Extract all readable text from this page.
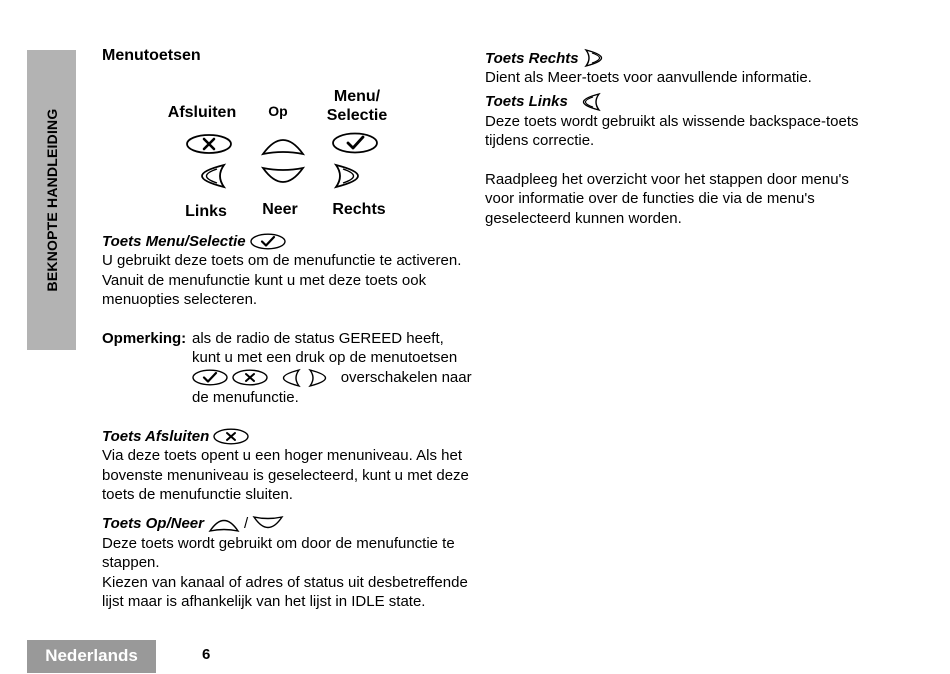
BEKNOPTE HANDLEIDING
Menutoetsen
Afsluiten	Op
Menu/
Selectie
Links	Neer	Rechts
Toets Menu/Selectie

U gebruikt deze toets om de menufunctie te activeren. Vanuit de menufunctie kunt u met deze toets ook menuopties selecteren.

Opmerking: als de radio de status GEREED heeft, kunt u met een druk op de menutoetsen

overschakelen naar de menufunctie.
Toets Afsluiten

Via deze toets opent u een hoger menuniveau. Als het bovenste menuniveau is geselecteerd, kunt u met deze toets de menufunctie sluiten.

Toets Op/Neer	/

Deze toets wordt gebruikt om door de menufunctie te stappen.

Kiezen van kanaal of adres of status uit desbetreffende lijst maar is afhankelijk van het lijst in IDLE state.

Toets Rechts

Dient als Meer-toets voor aanvullende informatie.

Toets Links

Deze toets wordt gebruikt als wissende backspace-toets tijdens correctie.

Raadpleeg het overzicht voor het stappen door menu's voor informatie over de functies die via de menu's geselecteerd kunnen worden.

Nederlands	6
